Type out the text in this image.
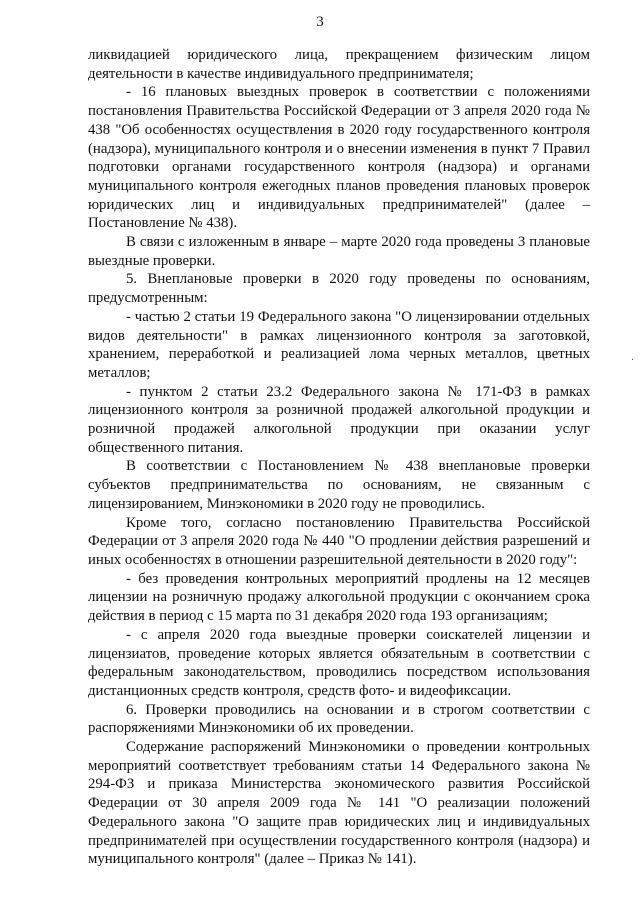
3

ликвидацией юридического лица, прекращением физическим лицом деятельности в качестве индивидуального предпринимателя;

- 16 плановых выездных проверок в соответствии с положениями постановления Правительства Российской Федерации от 3 апреля 2020 года № 438 "Об особенностях осуществления в 2020 году государственного контроля (надзора), муниципального контроля и о внесении изменения в пункт 7 Правил подготовки органами государственного контроля (надзора) и органами муниципального контроля ежегодных планов проведения плановых проверок юридических лиц и индивидуальных предпринимателей" (далее – Постановление № 438).

В связи с изложенным в январе – марте 2020 года проведены 3 плановые выездные проверки.

5. Внеплановые проверки в 2020 году проведены по основаниям, предусмотренным:

- частью 2 статьи 19 Федерального закона "О лицензировании отдельных видов деятельности" в рамках лицензионного контроля за заготовкой, хранением, переработкой и реализацией лома черных металлов, цветных металлов;

- пунктом 2 статьи 23.2 Федерального закона № 171-ФЗ в рамках лицензионного контроля за розничной продажей алкогольной продукции и розничной продажей алкогольной продукции при оказании услуг общественного питания.

В соответствии с Постановлением № 438 внеплановые проверки субъектов предпринимательства по основаниям, не связанным с лицензированием, Минэкономики в 2020 году не проводились.

Кроме того, согласно постановлению Правительства Российской Федерации от 3 апреля 2020 года № 440 "О продлении действия разрешений и иных особенностях в отношении разрешительной деятельности в 2020 году":

- без проведения контрольных мероприятий продлены на 12 месяцев лицензии на розничную продажу алкогольной продукции с окончанием срока действия в период с 15 марта по 31 декабря 2020 года 193 организациям;

- с апреля 2020 года выездные проверки соискателей лицензии и лицензиатов, проведение которых является обязательным в соответствии с федеральным законодательством, проводились посредством использования дистанционных средств контроля, средств фото- и видеофиксации.

6. Проверки проводились на основании и в строгом соответствии с распоряжениями Минэкономики об их проведении.

Содержание распоряжений Минэкономики о проведении контрольных мероприятий соответствует требованиям статьи 14 Федерального закона № 294-ФЗ и приказа Министерства экономического развития Российской Федерации от 30 апреля 2009 года № 141 "О реализации положений Федерального закона "О защите прав юридических лиц и индивидуальных предпринимателей при осуществлении государственного контроля (надзора) и муниципального контроля" (далее – Приказ № 141).

·
